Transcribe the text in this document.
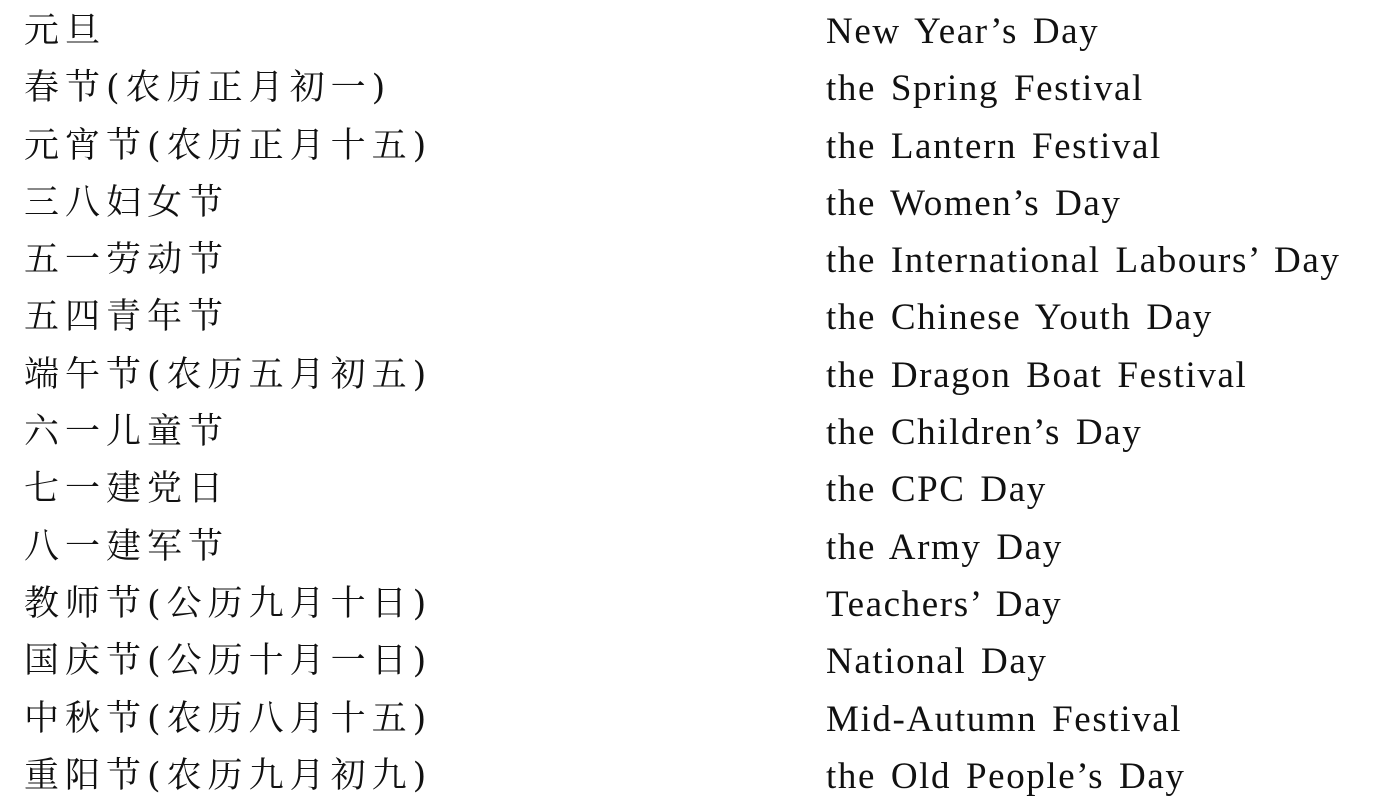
元旦	New Year’s Day
春节(农历正月初一)	the Spring Festival
元宵节(农历正月十五)	the Lantern Festival
三八妇女节	the Women’s Day
五一劳动节	the International Labours’ Day
五四青年节	the Chinese Youth Day
端午节(农历五月初五)	the Dragon Boat Festival
六一儿童节	the Children’s Day
七一建党日	the CPC Day
八一建军节	the Army Day
教师节(公历九月十日)	Teachers’ Day
国庆节(公历十月一日)	National Day
中秋节(农历八月十五)	Mid-Autumn Festival
重阳节(农历九月初九)	the Old People’s Day
